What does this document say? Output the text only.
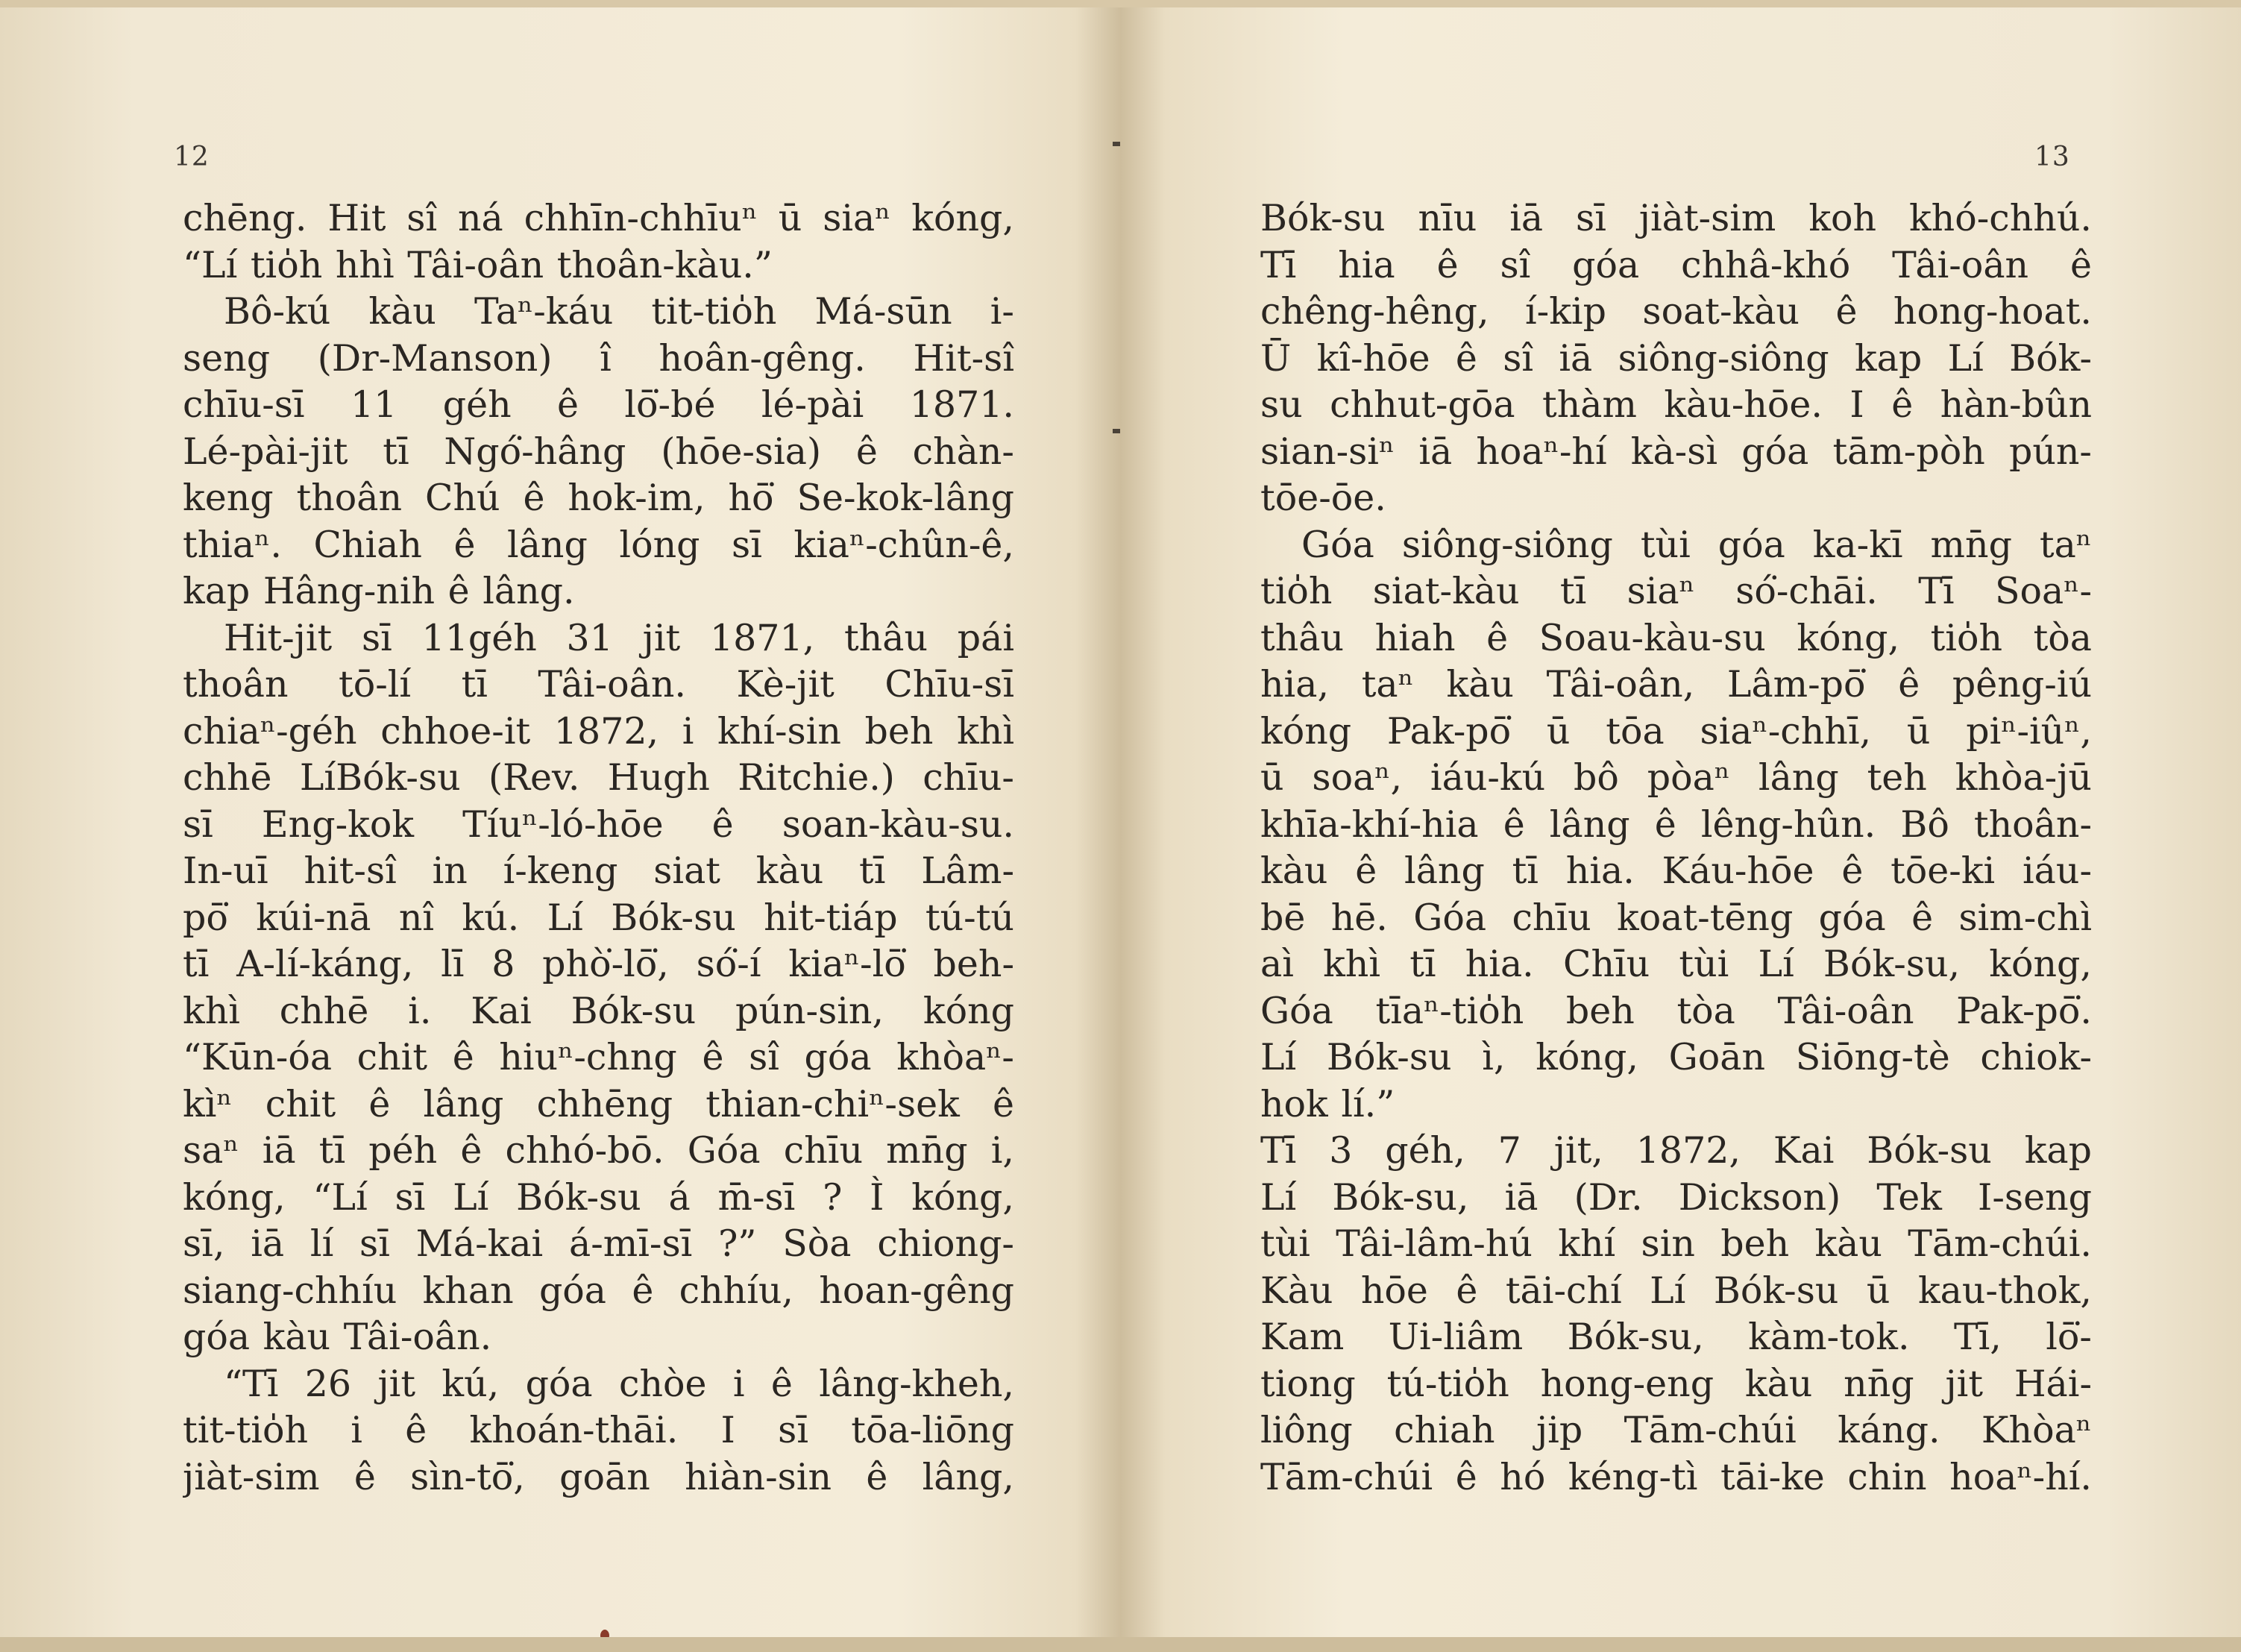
12
chēng. Hit sî ná chhīn-chhīuⁿ ū siaⁿ kóng,
“Lí tio̍h hhì Tâi-oân thoân-kàu.”
Bô-kú kàu Taⁿ-káu tit-tio̍h Má-sūn i-
seng (Dr-Manson) î hoân-gêng. Hit-sî
chīu-sī 11 géh ê lō͘-bé lé-pài 1871.
Lé-pài-jit tī Ngó͘-hâng (hōe-sia) ê chàn-
keng thoân Chú ê hok-im, hō͘ Se-kok-lâng
thiaⁿ. Chiah ê lâng lóng sī kiaⁿ-chûn-ê,
kap Hâng-nih ê lâng.
Hit-jit sī 11géh 31 jit 1871, thâu pái
thoân tō-lí tī Tâi-oân. Kè-jit Chīu-sī
chiaⁿ-géh chhoe-it 1872, i khí-sin beh khì
chhē LíBók-su (Rev. Hugh Ritchie.) chīu-
sī Eng-kok Tíuⁿ-ló-hōe ê soan-kàu-su.
In-uī hit-sî in í-keng siat kàu tī Lâm-
pō͘ kúi-nā nî kú. Lí Bók-su hi̍t-tiáp tú-tú
tī A-lí-káng, lī 8 phò͘-lō͘, só͘-í kiaⁿ-lō͘ beh-
khì chhē i. Kai Bók-su pún-sin, kóng
“Kūn-óa chit ê hiuⁿ-chng ê sî góa khòaⁿ-
kìⁿ chit ê lâng chhēng thian-chiⁿ-sek ê
saⁿ iā tī péh ê chhó-bō. Góa chīu mn̄g i,
kóng, “Lí sī Lí Bók-su á m̄-sī ? Ì kóng,
sī, iā lí sī Má-kai á-mī-sī ?” Sòa chiong-
siang-chhíu khan góa ê chhíu, hoan-gêng
góa kàu Tâi-oân.
“Tī 26 jit kú, góa chòe i ê lâng-kheh,
tit-tio̍h i ê khoán-thāi. I sī tōa-liōng
jiàt-sim ê sìn-tō͘, goān hiàn-sin ê lâng,
13
Bók-su nīu iā sī jiàt-sim koh khó-chhú.
Tī hia ê sî góa chhâ-khó Tâi-oân ê
chêng-hêng, í-kip soat-kàu ê hong-hoat.
Ū kî-hōe ê sî iā siông-siông kap Lí Bók-
su chhut-gōa thàm kàu-hōe. I ê hàn-bûn
sian-siⁿ iā hoaⁿ-hí kà-sì góa tām-pòh pún-
tōe-ōe.
Góa siông-siông tùi góa ka-kī mn̄g taⁿ
tio̍h siat-kàu tī siaⁿ só͘-chāi. Tī Soaⁿ-
thâu hiah ê Soau-kàu-su kóng, tio̍h tòa
hia, taⁿ kàu Tâi-oân, Lâm-pō͘ ê pêng-iú
kóng Pak-pō͘ ū tōa siaⁿ-chhī, ū piⁿ-iûⁿ,
ū soaⁿ, iáu-kú bô pòaⁿ lâng teh khòa-jū
khīa-khí-hia ê lâng ê lêng-hûn. Bô thoân-
kàu ê lâng tī hia. Káu-hōe ê tōe-ki iáu-
bē hē. Góa chīu koat-tēng góa ê sim-chì
aì khì tī hia. Chīu tùi Lí Bók-su, kóng,
Góa tīaⁿ-tio̍h beh tòa Tâi-oân Pak-pō͘.
Lí Bók-su ì, kóng, Goān Siōng-tè chiok-
hok lí.”
Tī 3 géh, 7 jit, 1872, Kai Bók-su kap
Lí Bók-su, iā (Dr. Dickson) Tek I-seng
tùi Tâi-lâm-hú khí sin beh kàu Tām-chúi.
Kàu hōe ê tāi-chí Lí Bók-su ū kau-thok,
Kam Ui-liâm Bók-su, kàm-tok. Tī, lō͘-
tiong tú-tio̍h hong-eng kàu nn̄g jit Hái-
liông chiah jip Tām-chúi káng. Khòaⁿ
Tām-chúi ê hó kéng-tì tāi-ke chin hoaⁿ-hí.
